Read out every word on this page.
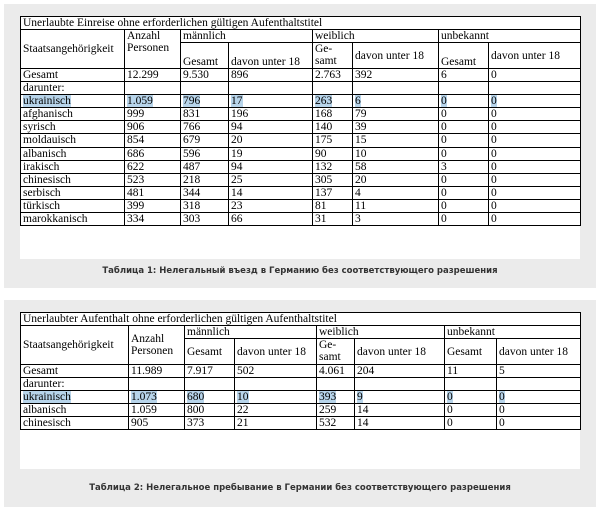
Unerlaubte Einreise ohne erforderlichen gültigen Aufenthaltstitel							
Staatsangehörigkeit	Anzahl Personen	männlich		weiblich		unbekannt	
		Gesamt	davon unter 18	Ge-samt	davon unter 18	Gesamt	davon unter 18
Gesamt	12.299	9.530	896	2.763	392	6	0
darunter:							
ukrainisch	1.059	796	17	263	6	0	0
afghanisch	999	831	196	168	79	0	0
syrisch	906	766	94	140	39	0	0
moldauisch	854	679	20	175	15	0	0
albanisch	686	596	19	90	10	0	0
irakisch	622	487	94	132	58	3	0
chinesisch	523	218	25	305	20	0	0
serbisch	481	344	14	137	4	0	0
türkisch	399	318	23	81	11	0	0
marokkanisch	334	303	66	31	3	0	0
Таблица 1: Нелегальный въезд в Германию без соответствующего разрешения
Unerlaubter Aufenthalt ohne erforderlichen gültigen Aufenthaltstitel							
Staatsangehörigkeit	Anzahl Personen	männlich		weiblich		unbekannt	
		Gesamt	davon unter 18	Ge-samt	davon unter 18	Gesamt	davon unter 18
Gesamt	11.989	7.917	502	4.061	204	11	5
darunter:							
ukrainisch	1.073	680	10	393	9	0	0
albanisch	1.059	800	22	259	14	0	0
chinesisch	905	373	21	532	14	0	0
Таблица 2: Нелегальное пребывание в Германии без соответствующего разрешения
